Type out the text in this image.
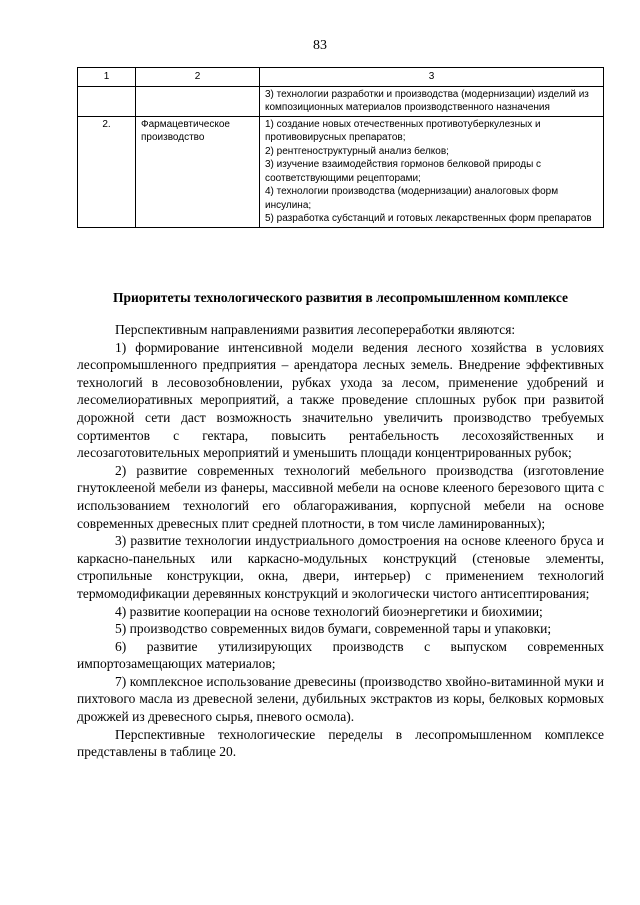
83
1	2	3

		3) технологии разработки и производства (модернизации) изделий из композиционных материалов производственного назначения

2.	Фармацевтическое производство	1) создание новых отечественных противотуберкулезных и противовирусных препаратов;
2) рентгеноструктурный анализ белков;
3) изучение взаимодействия гормонов белковой природы с соответствующими рецепторами;
4) технологии производства (модернизации) аналоговых форм инсулина;
5) разработка субстанций и готовых лекарственных форм препаратов
Приоритеты технологического развития в лесопромышленном комплексе

Перспективным направлениями развития лесопереработки являются:

1) формирование интенсивной модели ведения лесного хозяйства в условиях лесопромышленного предприятия – арендатора лесных земель. Внедрение эффективных технологий в лесовозобновлении, рубках ухода за лесом, применение удобрений и лесомелиоративных мероприятий, а также проведение сплошных рубок при развитой дорожной сети даст возможность значительно увеличить производство требуемых сортиментов с гектара, повысить рентабельность лесохозяйственных и лесозаготовительных мероприятий и уменьшить площади концентрированных рубок;

2) развитие современных технологий мебельного производства (изготовление гнутоклееной мебели из фанеры, массивной мебели на основе клееного березового щита с использованием технологий его облагораживания, корпусной мебели на основе современных древесных плит средней плотности, в том числе ламинированных);

3) развитие технологии индустриального домостроения на основе клееного бруса и каркасно-панельных или каркасно-модульных конструкций (стеновые элементы, стропильные конструкции, окна, двери, интерьер) с применением технологий термомодификации деревянных конструкций и экологически чистого антисептирования;

4) развитие кооперации на основе технологий биоэнергетики и биохимии;

5) производство современных видов бумаги, современной тары и упаковки;

6) развитие утилизирующих производств с выпуском современных импортозамещающих материалов;

7) комплексное использование древесины (производство хвойно-витаминной муки и пихтового масла из древесной зелени, дубильных экстрактов из коры, белковых кормовых дрожжей из древесного сырья, пневого осмола).

Перспективные технологические переделы в лесопромышленном комплексе представлены в таблице 20.
